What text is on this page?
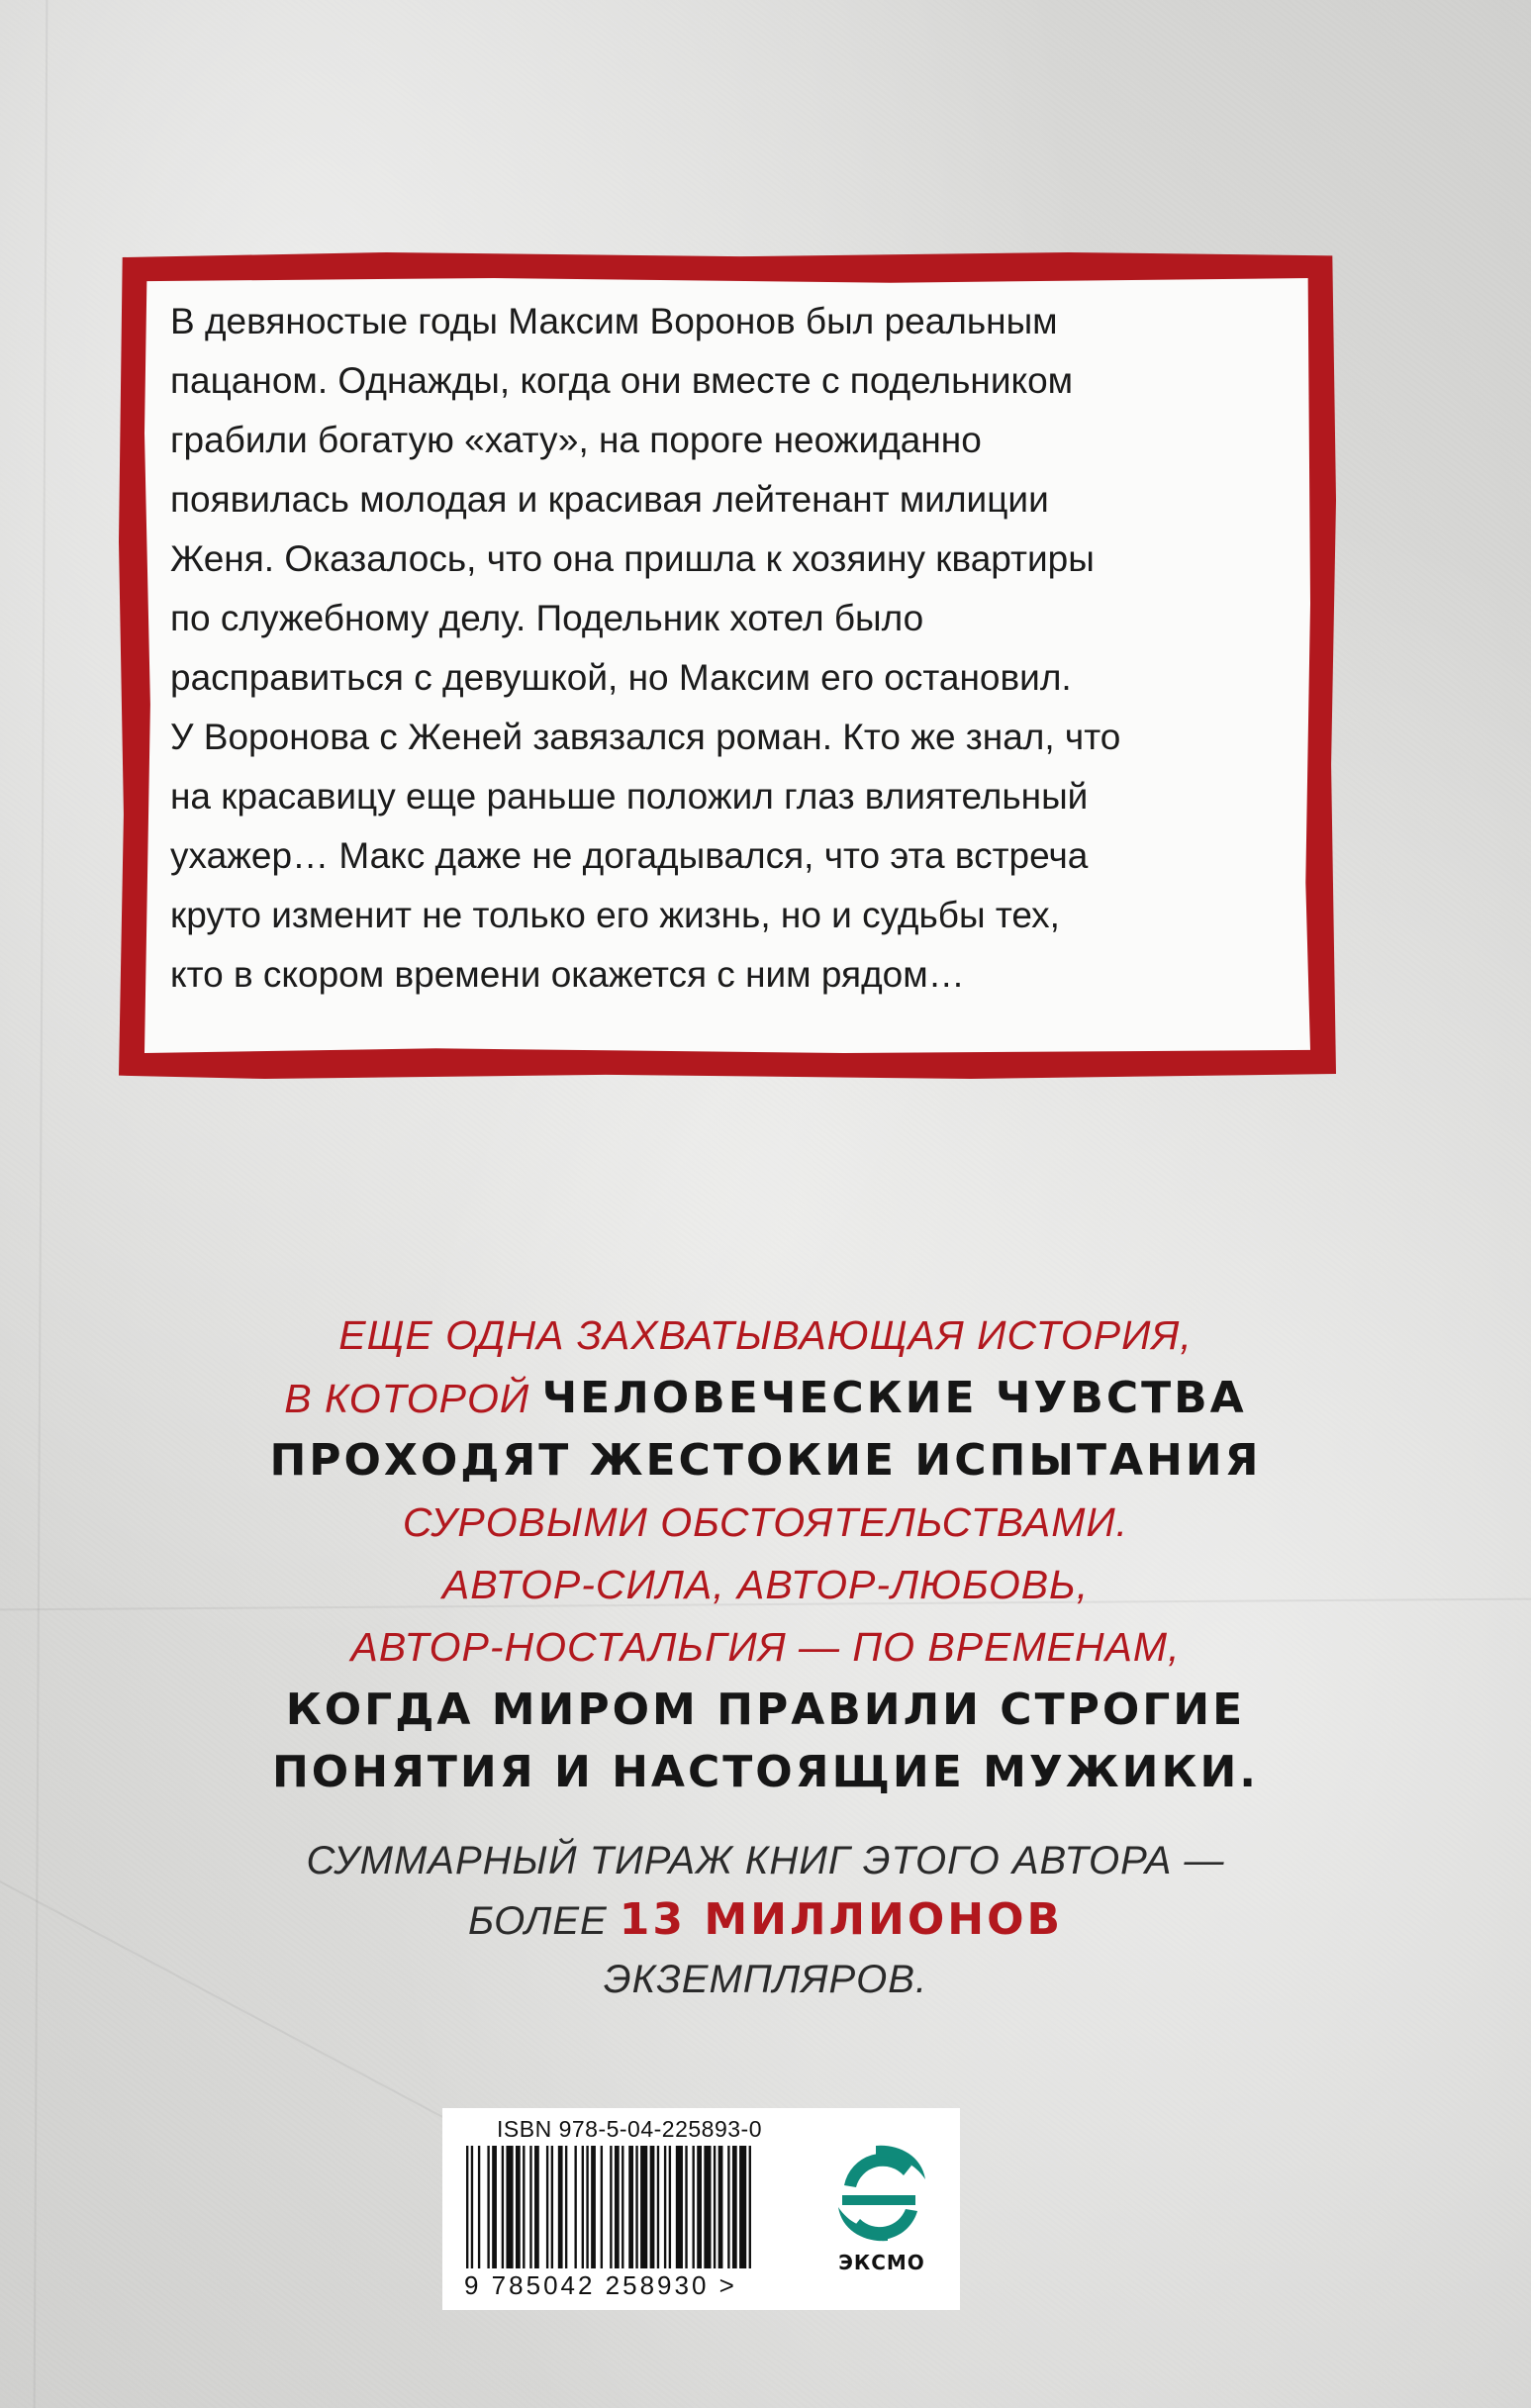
В девяностые годы Максим Воронов был реальным
пацаном. Однажды, когда они вместе с подельником
грабили богатую «хату», на пороге неожиданно
появилась молодая и красивая лейтенант милиции
Женя. Оказалось, что она пришла к хозяину квартиры
по служебному делу. Подельник хотел было
расправиться с девушкой, но Максим его остановил.
У Воронова с Женей завязался роман. Кто же знал, что
на красавицу еще раньше положил глаз влиятельный
ухажер… Макс даже не догадывался, что эта встреча
круто изменит не только его жизнь, но и судьбы тех,
кто в скором времени окажется с ним рядом…

ЕЩЕ ОДНА ЗАХВАТЫВАЮЩАЯ ИСТОРИЯ,
В КОТОРОЙ ЧЕЛОВЕЧЕСКИЕ ЧУВСТВА
ПРОХОДЯТ ЖЕСТОКИЕ ИСПЫТАНИЯ
СУРОВЫМИ ОБСТОЯТЕЛЬСТВАМИ.
АВТОР-СИЛА, АВТОР-ЛЮБОВЬ,
АВТОР-НОСТАЛЬГИЯ — ПО ВРЕМЕНАМ,
КОГДА МИРОМ ПРАВИЛИ СТРОГИЕ
ПОНЯТИЯ И НАСТОЯЩИЕ МУЖИКИ.
СУММАРНЫЙ ТИРАЖ КНИГ ЭТОГО АВТОРА —
БОЛЕЕ 13 МИЛЛИОНОВ
ЭКЗЕМПЛЯРОВ.
ISBN 978-5-04-225893-0
9 785042 258930 >
ЭКСМО
